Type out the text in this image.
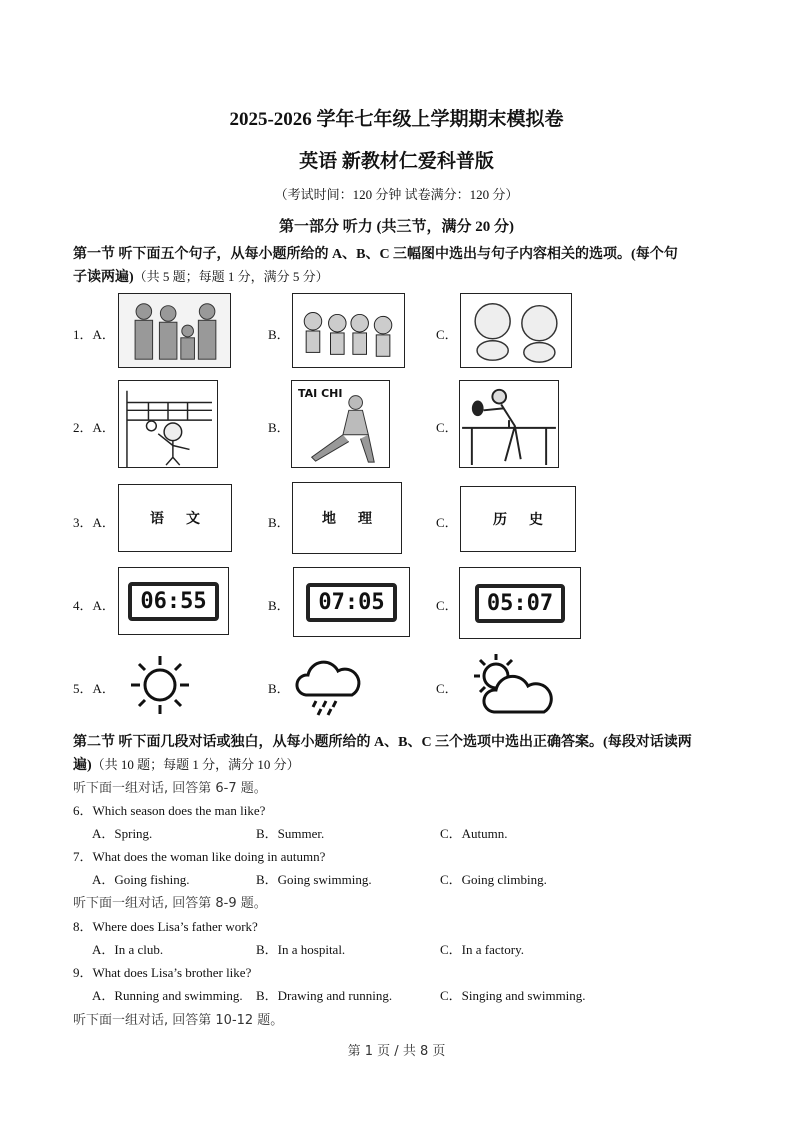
2025-2026 学年七年级上学期期末模拟卷
英语 新教材仁爱科普版
（考试时间：120 分钟 试卷满分：120 分）
第一部分 听力 (共三节，满分 20 分)
第一节 听下面五个句子，从每小题所给的 A、B、C 三幅图中选出与句子内容相关的选项。(每个句
子读两遍)（共 5 题；每题 1 分，满分 5 分）
1．A．	B．	C．
2．A．	B．
TAI CHI
C．
3．A．	语 文	B． 地 理	C．	历 史
4．A．	06:55	B．	07:05	C．	05:07
5．A．	B．	C．
第二节 听下面几段对话或独白，从每小题所给的 A、B、C 三个选项中选出正确答案。(每段对话读两
遍)（共 10 题；每题 1 分，满分 10 分）
听下面一组对话, 回答第 6-7 题。
6．Which season does the man like?
A．Spring.	B．Summer.	C．Autumn.
7．What does the woman like doing in autumn?
A．Going fishing.	B．Going swimming.	C．Going climbing.
听下面一组对话, 回答第 8-9 题。
8．Where does Lisa’s father work?
A．In a club.	B．In a hospital.	C．In a factory.
9．What does Lisa’s brother like?
A．Running and swimming. B．Drawing and running.	C．Singing and swimming.
听下面一组对话, 回答第 10-12 题。
第 1 页 / 共 8 页
